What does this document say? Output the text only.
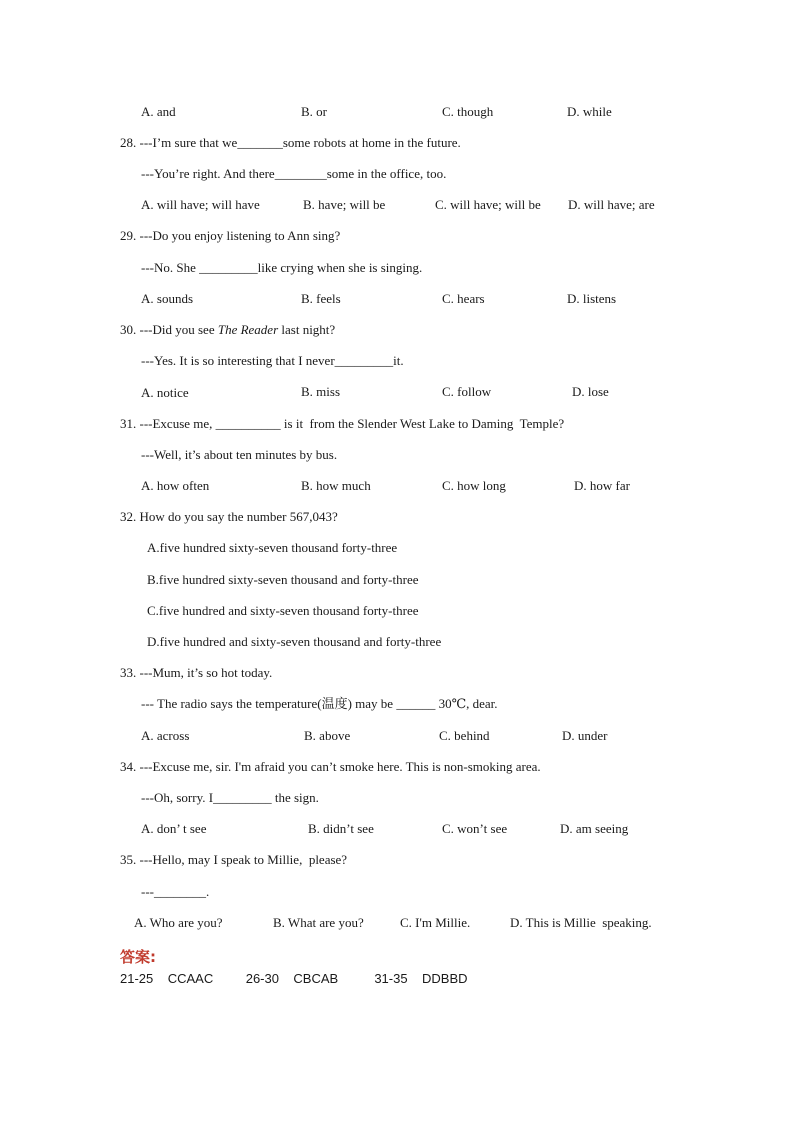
A. and	B. or	C. though	D. while
28. ---I’m sure that we_______some robots at home in the future.
---You’re right. And there________some in the office, too.
A. will have; will have	B. have; will be	C. will have; will be D. will have; are
29. ---Do you enjoy listening to Ann sing?
---No. She _________like crying when she is singing.
A. sounds	B. feels	C. hears	D. listens
30. ---Did you see The Reader last night?
---Yes. It is so interesting that I never_________it.
A. notice	B. miss	C. follow	D. lose
31. ---Excuse me, __________ is it  from the Slender West Lake to Daming  Temple?
---Well, it’s about ten minutes by bus.
A. how often	B. how much	C. how long	D. how far
32. How do you say the number 567,043?
A.five hundred sixty-seven thousand forty-three
B.five hundred sixty-seven thousand and forty-three
C.five hundred and sixty-seven thousand forty-three
D.five hundred and sixty-seven thousand and forty-three
33. ---Mum, it’s so hot today.
--- The radio says the temperature(温度) may be ______ 30℃, dear.
A. across	B. above	C. behind	D. under
34. ---Excuse me, sir. I'm afraid you can’t smoke here. This is non-smoking area.
---Oh, sorry. I_________ the sign.
A. don’ t see	B. didn’t see	C. won’t see	D. am seeing
35. ---Hello, may I speak to Millie,  please?
---________.
A. Who are you?	B. What are you?	C. I'm Millie.	D. This is Millie  speaking.
答案:
21-25    CCAAC         26-30    CBCAB          31-35    DDBBD
